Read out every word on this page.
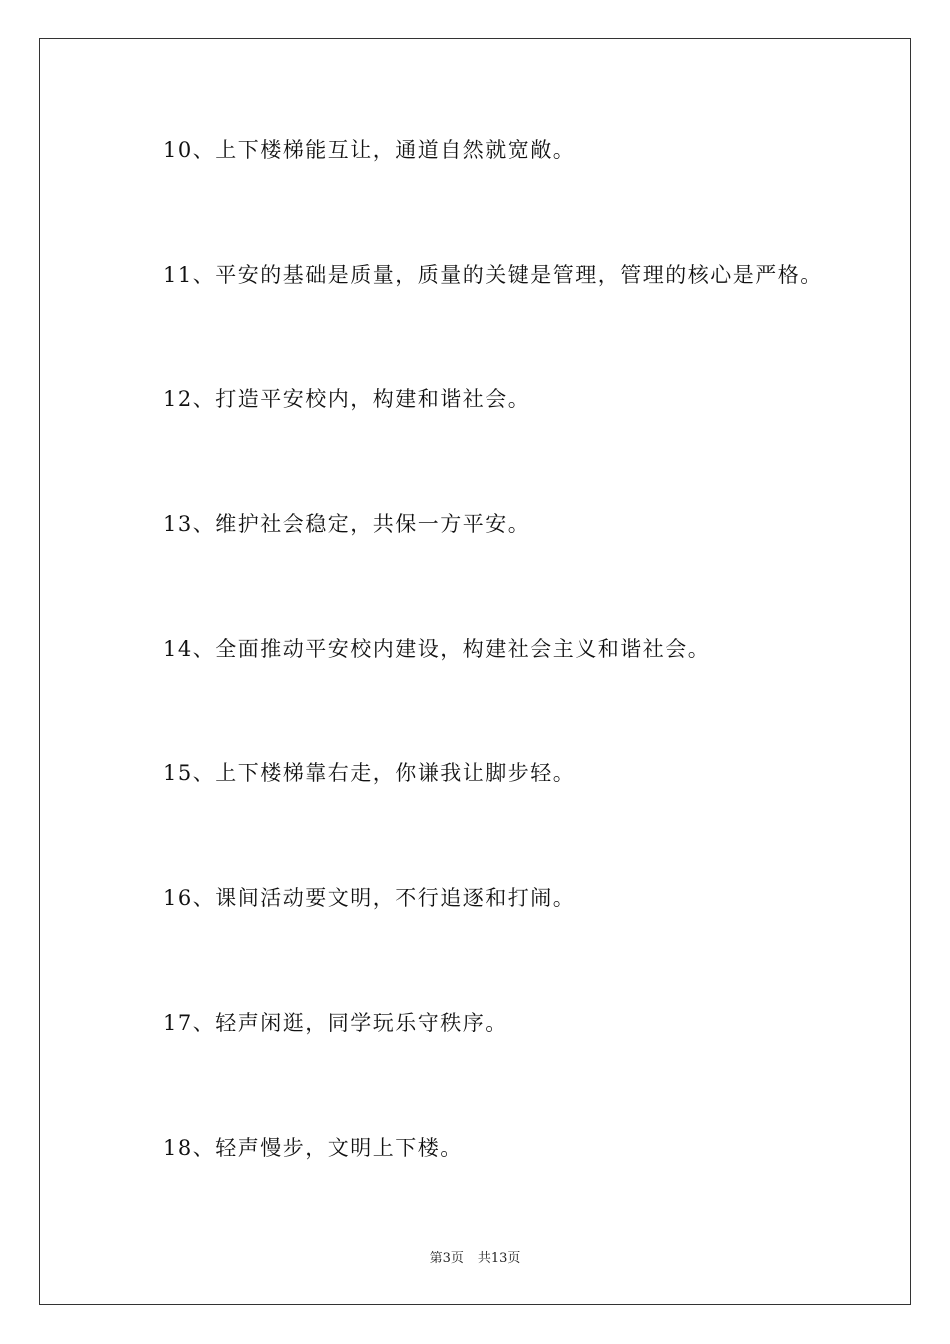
10、上下楼梯能互让，通道自然就宽敞。
11、平安的基础是质量，质量的关键是管理，管理的核心是严格。
12、打造平安校内，构建和谐社会。
13、维护社会稳定，共保一方平安。
14、全面推动平安校内建设，构建社会主义和谐社会。
15、上下楼梯靠右走，你谦我让脚步轻。
16、课间活动要文明，不行追逐和打闹。
17、轻声闲逛，同学玩乐守秩序。
18、轻声慢步，文明上下楼。
第3页 共13页
